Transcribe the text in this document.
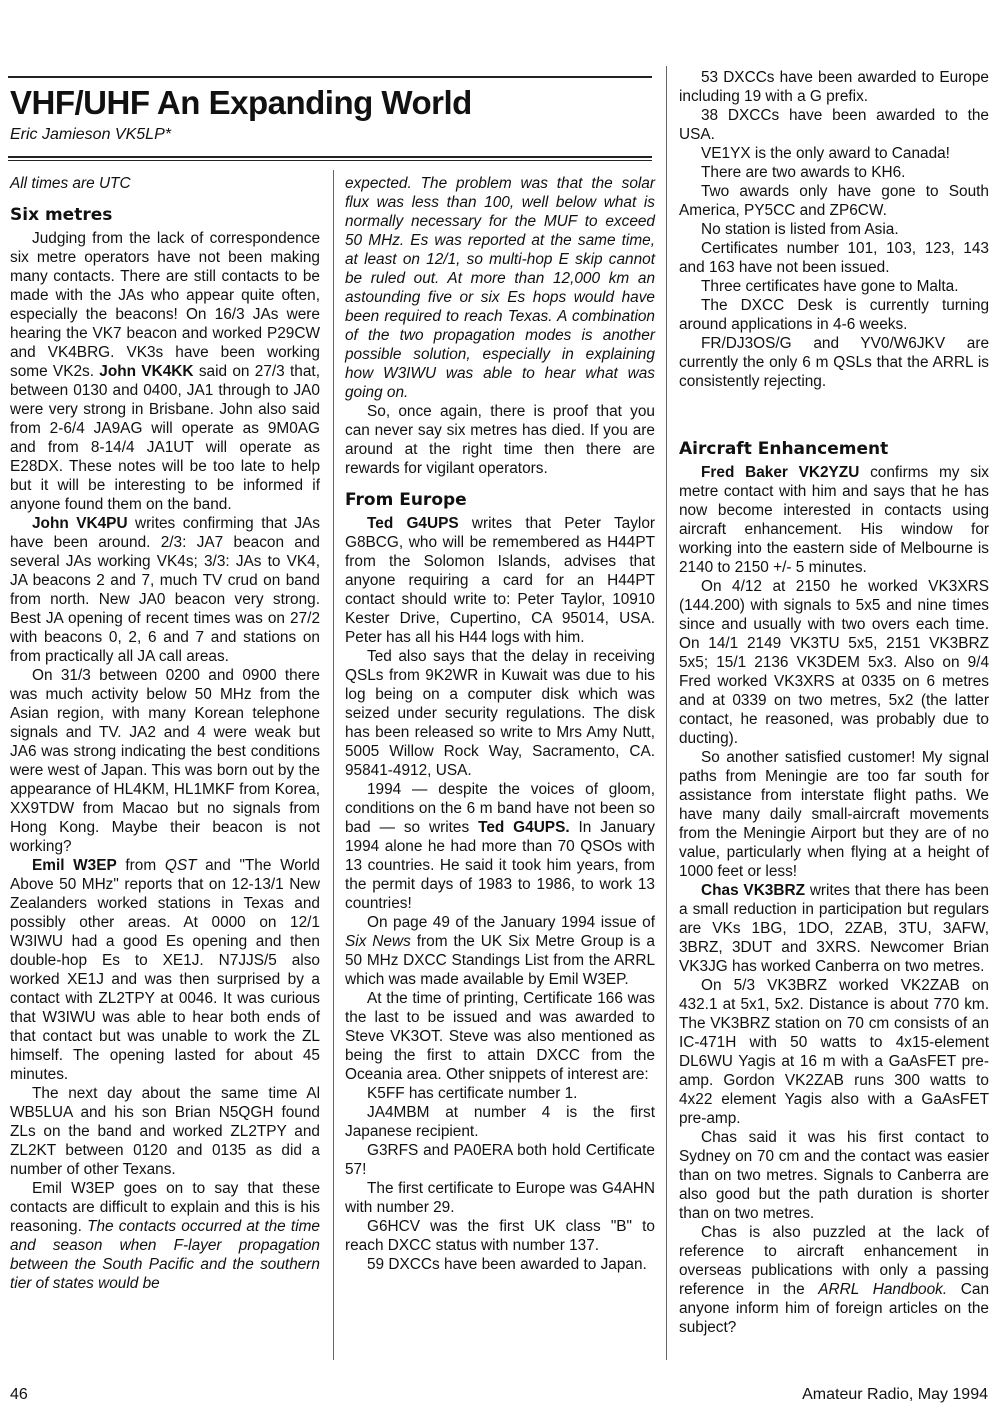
VHF/UHF An Expanding World

Eric Jamieson VK5LP*

All times are UTC

Six metres

Judging from the lack of correspondence six metre operators have not been making many contacts. There are still contacts to be made with the JAs who appear quite often, especially the beacons! On 16/3 JAs were hearing the VK7 beacon and worked P29CW and VK4BRG. VK3s have been working some VK2s. John VK4KK said on 27/3 that, between 0130 and 0400, JA1 through to JA0 were very strong in Brisbane. John also said from 2-6/4 JA9AG will operate as 9M0AG and from 8-14/4 JA1UT will operate as E28DX. These notes will be too late to help but it will be interesting to be informed if anyone found them on the band.

John VK4PU writes confirming that JAs have been around. 2/3: JA7 beacon and several JAs working VK4s; 3/3: JAs to VK4, JA beacons 2 and 7, much TV crud on band from north. New JA0 beacon very strong. Best JA opening of recent times was on 27/2 with beacons 0, 2, 6 and 7 and stations on from practically all JA call areas.

On 31/3 between 0200 and 0900 there was much activity below 50 MHz from the Asian region, with many Korean telephone signals and TV. JA2 and 4 were weak but JA6 was strong indicating the best conditions were west of Japan. This was born out by the appearance of HL4KM, HL1MKF from Korea, XX9TDW from Macao but no signals from Hong Kong. Maybe their beacon is not working?

Emil W3EP from QST and "The World Above 50 MHz" reports that on 12-13/1 New Zealanders worked stations in Texas and possibly other areas. At 0000 on 12/1 W3IWU had a good Es opening and then double-hop Es to XE1J. N7JJS/5 also worked XE1J and was then surprised by a contact with ZL2TPY at 0046. It was curious that W3IWU was able to hear both ends of that contact but was unable to work the ZL himself. The opening lasted for about 45 minutes.

The next day about the same time Al WB5LUA and his son Brian N5QGH found ZLs on the band and worked ZL2TPY and ZL2KT between 0120 and 0135 as did a number of other Texans.

Emil W3EP goes on to say that these contacts are difficult to explain and this is his reasoning. The contacts occurred at the time and season when F-layer propagation between the South Pacific and the southern tier of states would be

expected. The problem was that the solar flux was less than 100, well below what is normally necessary for the MUF to exceed 50 MHz. Es was reported at the same time, at least on 12/1, so multi-hop E skip cannot be ruled out. At more than 12,000 km an astounding five or six Es hops would have been required to reach Texas. A combination of the two propagation modes is another possible solution, especially in explaining how W3IWU was able to hear what was going on.

So, once again, there is proof that you can never say six metres has died. If you are around at the right time then there are rewards for vigilant operators.

From Europe

Ted G4UPS writes that Peter Taylor G8BCG, who will be remembered as H44PT from the Solomon Islands, advises that anyone requiring a card for an H44PT contact should write to: Peter Taylor, 10910 Kester Drive, Cupertino, CA 95014, USA. Peter has all his H44 logs with him.

Ted also says that the delay in receiving QSLs from 9K2WR in Kuwait was due to his log being on a computer disk which was seized under security regulations. The disk has been released so write to Mrs Amy Nutt, 5005 Willow Rock Way, Sacramento, CA. 95841-4912, USA.

1994 — despite the voices of gloom, conditions on the 6 m band have not been so bad — so writes Ted G4UPS. In January 1994 alone he had more than 70 QSOs with 13 countries. He said it took him years, from the permit days of 1983 to 1986, to work 13 countries!

On page 49 of the January 1994 issue of Six News from the UK Six Metre Group is a 50 MHz DXCC Standings List from the ARRL which was made available by Emil W3EP.

At the time of printing, Certificate 166 was the last to be issued and was awarded to Steve VK3OT. Steve was also mentioned as being the first to attain DXCC from the Oceania area. Other snippets of interest are:

K5FF has certificate number 1.

JA4MBM at number 4 is the first Japanese recipient.

G3RFS and PA0ERA both hold Certificate 57!

The first certificate to Europe was G4AHN with number 29.

G6HCV was the first UK class "B" to reach DXCC status with number 137.

59 DXCCs have been awarded to Japan.

53 DXCCs have been awarded to Europe including 19 with a G prefix.

38 DXCCs have been awarded to the USA.

VE1YX is the only award to Canada!

There are two awards to KH6.

Two awards only have gone to South America, PY5CC and ZP6CW.

No station is listed from Asia.

Certificates number 101, 103, 123, 143 and 163 have not been issued.

Three certificates have gone to Malta.

The DXCC Desk is currently turning around applications in 4-6 weeks.

FR/DJ3OS/G and YV0/W6JKV are currently the only 6 m QSLs that the ARRL is consistently rejecting.

Aircraft Enhancement

Fred Baker VK2YZU confirms my six metre contact with him and says that he has now become interested in contacts using aircraft enhancement. His window for working into the eastern side of Melbourne is 2140 to 2150 +/- 5 minutes.

On 4/12 at 2150 he worked VK3XRS (144.200) with signals to 5x5 and nine times since and usually with two overs each time. On 14/1 2149 VK3TU 5x5, 2151 VK3BRZ 5x5; 15/1 2136 VK3DEM 5x3. Also on 9/4 Fred worked VK3XRS at 0335 on 6 metres and at 0339 on two metres, 5x2 (the latter contact, he reasoned, was probably due to ducting).

So another satisfied customer! My signal paths from Meningie are too far south for assistance from interstate flight paths. We have many daily small-aircraft movements from the Meningie Airport but they are of no value, particularly when flying at a height of 1000 feet or less!

Chas VK3BRZ writes that there has been a small reduction in participation but regulars are VKs 1BG, 1DO, 2ZAB, 3TU, 3AFW, 3BRZ, 3DUT and 3XRS. Newcomer Brian VK3JG has worked Canberra on two metres.

On 5/3 VK3BRZ worked VK2ZAB on 432.1 at 5x1, 5x2. Distance is about 770 km. The VK3BRZ station on 70 cm consists of an IC-471H with 50 watts to 4x15-element DL6WU Yagis at 16 m with a GaAsFET pre-amp. Gordon VK2ZAB runs 300 watts to 4x22 element Yagis also with a GaAsFET pre-amp.

Chas said it was his first contact to Sydney on 70 cm and the contact was easier than on two metres. Signals to Canberra are also good but the path duration is shorter than on two metres.

Chas is also puzzled at the lack of reference to aircraft enhancement in overseas publications with only a passing reference in the ARRL Handbook. Can anyone inform him of foreign articles on the subject?

46	Amateur Radio, May 1994
